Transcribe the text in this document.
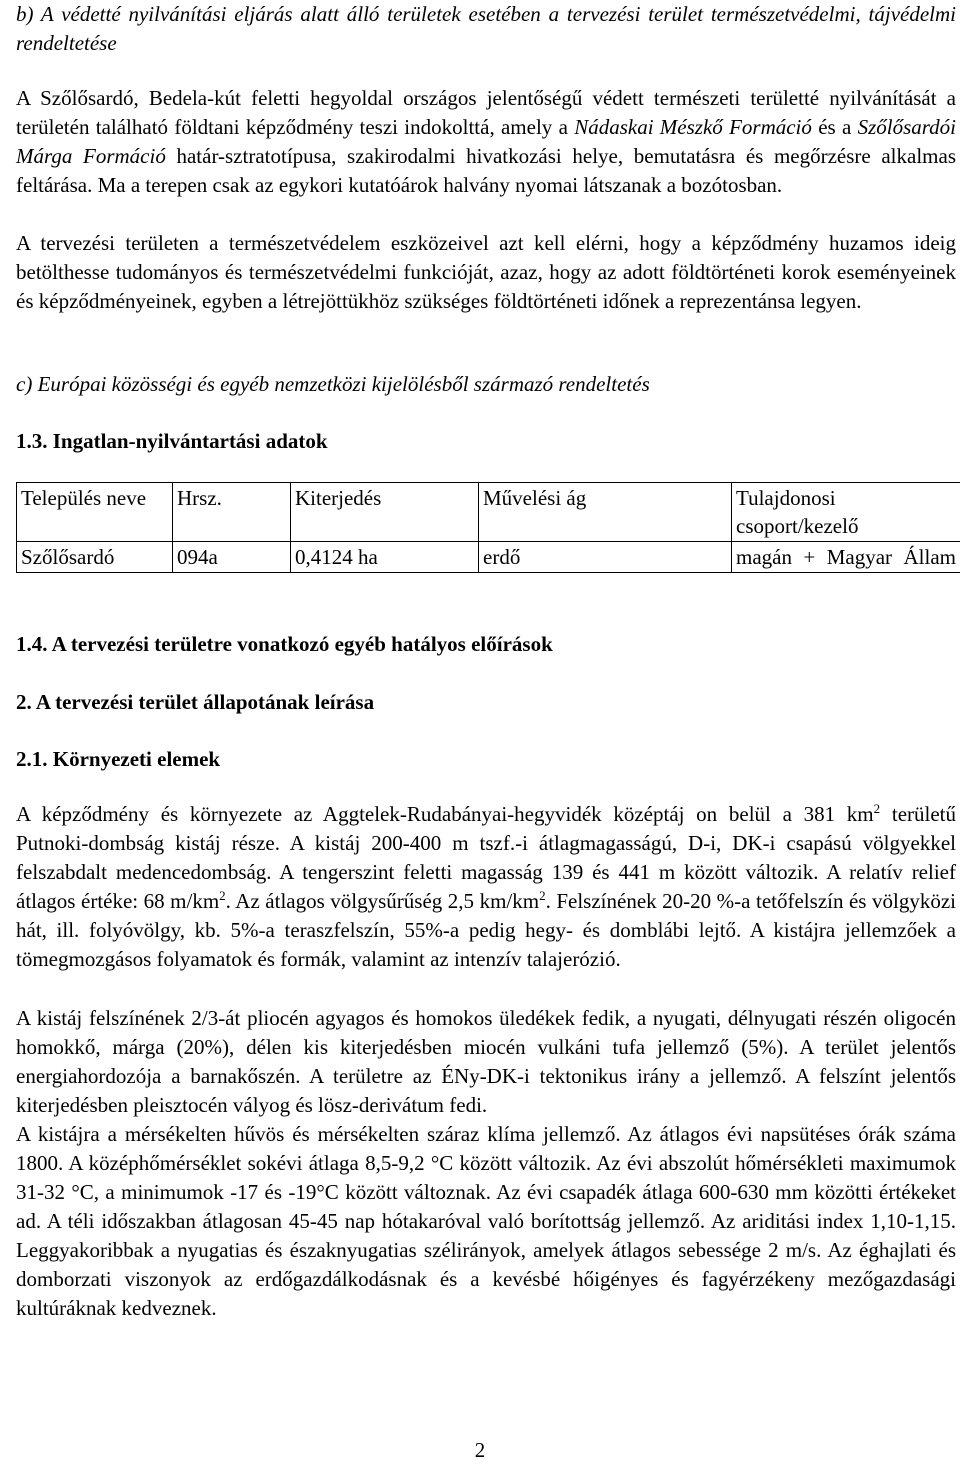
b) A védetté nyilvánítási eljárás alatt álló területek esetében a tervezési terület természetvédelmi, tájvédelmi rendeltetése
A Szőlősardó, Bedela-kút feletti hegyoldal országos jelentőségű védett természeti területté nyilvánítását a területén található földtani képződmény teszi indokolttá, amely a Nádaskai Mészkő Formáció és a Szőlősardói Márga Formáció határ-sztratotípusa, szakirodalmi hivatkozási helye, bemutatásra és megőrzésre alkalmas feltárása. Ma a terepen csak az egykori kutatóárok halvány nyomai látszanak a bozótosban.
A tervezési területen a természetvédelem eszközeivel azt kell elérni, hogy a képződmény huzamos ideig betölthesse tudományos és természetvédelmi funkcióját, azaz, hogy az adott földtörténeti korok eseményeinek és képződményeinek, egyben a létrejöttükhöz szükséges földtörténeti időnek a reprezentánsa legyen.
c) Európai közösségi és egyéb nemzetközi kijelölésből származó rendeltetés
1.3. Ingatlan-nyilvántartási adatok
Település neve	Hrsz.	Kiterjedés	Művelési ág	Tulajdonosi csoport/kezelő
Szőlősardó	094a	0,4124 ha	erdő	magán + Magyar Állam
1.4. A tervezési területre vonatkozó egyéb hatályos előírások
2. A tervezési terület állapotának leírása
2.1. Környezeti elemek
A képződmény és környezete az Aggtelek-Rudabányai-hegyvidék középtáj on belül a 381 $km^2$ területű Putnoki-dombság kistáj része. A kistáj 200-400 m tszf.-i átlagmagasságú, D-i, DK-i csapású völgyekkel felszabdalt medencedombság. A tengerszint feletti magasság 139 és 441 m között változik. A relatív relief átlagos értéke: 68 $m/km^2$. Az átlagos völgysűrűség 2,5 $km/km^2$. Felszínének 20-20 %-a tetőfelszín és völgyközi hát, ill. folyóvölgy, kb. 5%-a teraszfelszín, 55%-a pedig hegy- és domblábi lejtő. A kistájra jellemzőek a tömegmozgásos folyamatok és formák, valamint az intenzív talajerózió.
A kistáj felszínének 2/3-át pliocén agyagos és homokos üledékek fedik, a nyugati, délnyugati részén oligocén homokkő, márga (20%), délen kis kiterjedésben miocén vulkáni tufa jellemző (5%). A terület jelentős energiahordozója a barnakőszén. A területre az ÉNy-DK-i tektonikus irány a jellemző. A felszínt jelentős kiterjedésben pleisztocén vályog és lösz-derivátum fedi.
A kistájra a mérsékelten hűvös és mérsékelten száraz klíma jellemző. Az átlagos évi napsütéses órák száma 1800. A középhőmérséklet sokévi átlaga 8,5-9,2 °C között változik. Az évi abszolút hőmérsékleti maximumok 31-32 °C, a minimumok -17 és -19°C között változnak. Az évi csapadék átlaga 600-630 mm közötti értékeket ad. A téli időszakban átlagosan 45-45 nap hótakaróval való borítottság jellemző. Az ariditási index 1,10-1,15. Leggyakoribbak a nyugatias és északnyugatias szélirányok, amelyek átlagos sebessége 2 m/s. Az éghajlati és domborzati viszonyok az erdőgazdálkodásnak és a kevésbé hőigényes és fagyérzékeny mezőgazdasági kultúráknak kedveznek.
2
